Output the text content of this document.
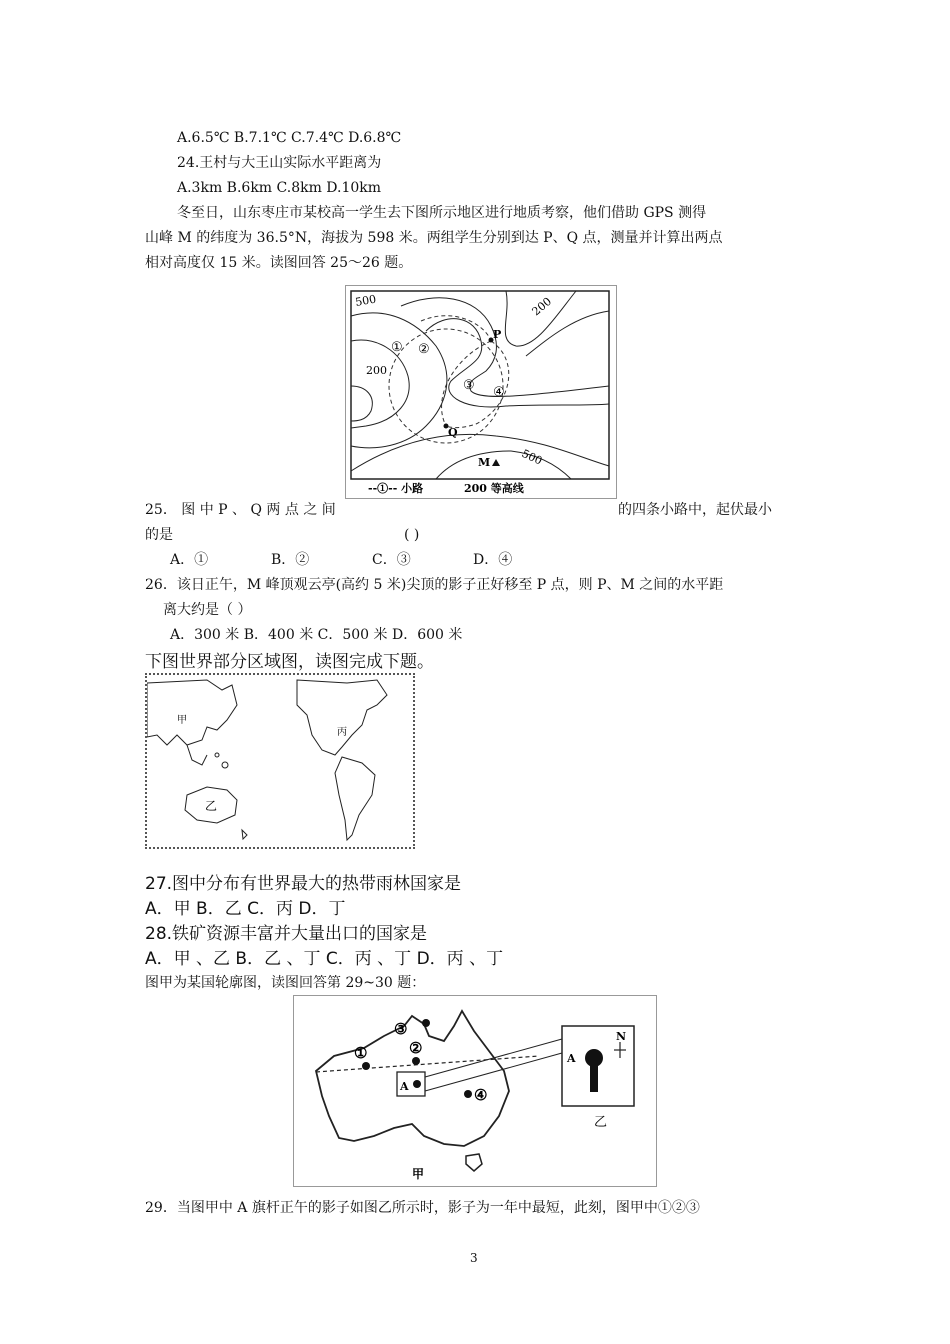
A.6.5℃ B.7.1℃ C.7.4℃ D.6.8℃
24.王村与大王山实际水平距离为
A.3km B.6km C.8km D.10km
冬至日，山东枣庄市某校高一学生去下图所示地区进行地质考察，他们借助 GPS 测得
山峰 M 的纬度为 36.5°N，海拔为 598 米。两组学生分别到达 P、Q 点，测量并计算出两点
相对高度仅 15 米。读图回答 25～26 题。
500	200
200
500
P
Q
M
① ②
③ ④
--①-- 小路	200 等高线
25． 图 中 P 、 Q 两 点 之 间	的四条小路中，起伏最小
的是	( )
A．①	B．②	C．③	D．④
26．该日正午，M 峰顶观云亭(高约 5 米)尖顶的影子正好移至 P 点，则 P、M 之间的水平距
离大约是（ ）
A．300 米 B．400 米 C．500 米 D．600 米
下图世界部分区域图，读图完成下题。
甲
乙
丙
27.图中分布有世界最大的热带雨林国家是
A．甲 B．乙 C．丙 D．丁
28.铁矿资源丰富并大量出口的国家是
A．甲 、乙 B．乙 、丁 C．丙 、丁 D．丙 、丁
图甲为某国轮廓图，读图回答第 29~30 题：
①	②
③
④
A
甲
乙
N
A
29．当图甲中 A 旗杆正午的影子如图乙所示时，影子为一年中最短，此刻，图甲中①②③
3
